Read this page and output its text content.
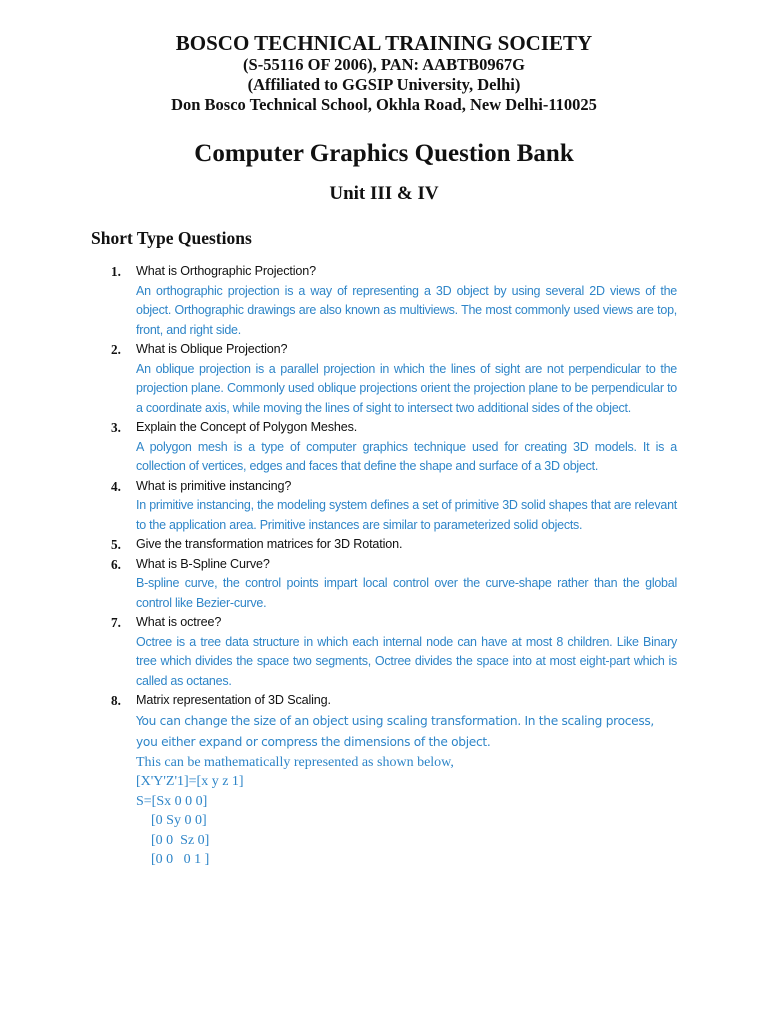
BOSCO TECHNICAL TRAINING SOCIETY
(S-55116 OF 2006), PAN: AABTB0967G
(Affiliated to GGSIP University, Delhi)
Don Bosco Technical School, Okhla Road, New Delhi-110025
Computer Graphics Question Bank
Unit III & IV
Short Type Questions
1.	What is Orthographic Projection?
An orthographic projection is a way of representing a 3D object by using several 2D views of the object. Orthographic drawings are also known as multiviews. The most commonly used views are top, front, and right side.
2.	What is Oblique Projection?
An oblique projection is a parallel projection in which the lines of sight are not perpendicular to the projection plane. Commonly used oblique projections orient the projection plane to be perpendicular to a coordinate axis, while moving the lines of sight to intersect two additional sides of the object.
3.	Explain the Concept of Polygon Meshes.
A polygon mesh is a type of computer graphics technique used for creating 3D models. It is a collection of vertices, edges and faces that define the shape and surface of a 3D object.
4.	What is primitive instancing?
In primitive instancing, the modeling system defines a set of primitive 3D solid shapes that are relevant to the application area. Primitive instances are similar to parameterized solid objects.
5.	Give the transformation matrices for 3D Rotation.
6.	What is B-Spline Curve?
B-spline curve, the control points impart local control over the curve-shape rather than the global control like Bezier-curve.
7.	What is octree?
Octree is a tree data structure in which each internal node can have at most 8 children. Like Binary tree which divides the space two segments, Octree divides the space into at most eight-part which is called as octanes.
8.	Matrix representation of 3D Scaling.
You can change the size of an object using scaling transformation. In the scaling process, you either expand or compress the dimensions of the object.
This can be mathematically represented as shown below,
[X'Y'Z'1]=[x y z 1]
S=[Sx 0 0 0]
[0 Sy 0 0]
[0 0  Sz 0]
[0 0   0 1 ]
